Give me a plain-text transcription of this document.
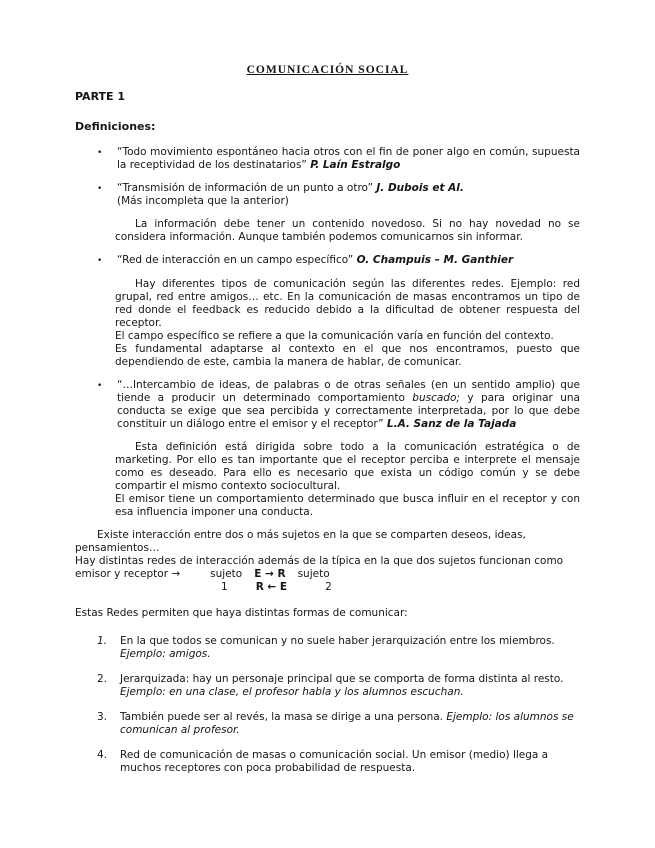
COMUNICACIÓN SOCIAL
PARTE 1
Definiciones:
•	“Todo movimiento espontáneo hacia otros con el fin de poner algo en común, supuesta la receptividad de los destinatarios” P. Laín Estralgo
•	“Transmisión de información de un punto a otro” J. Dubois et Al.
(Más incompleta que la anterior)
La información debe tener un contenido novedoso. Si no hay novedad no se considera información. Aunque también podemos comunicarnos sin informar.
•	“Red de interacción en un campo específico” O. Champuis – M. Ganthier
Hay diferentes tipos de comunicación según las diferentes redes. Ejemplo: red grupal, red entre amigos… etc. En la comunicación de masas encontramos un tipo de red donde el feedback es reducido debido a la dificultad de obtener respuesta del receptor.
El campo específico se refiere a que la comunicación varía en función del contexto.
Es fundamental adaptarse al contexto en el que nos encontramos, puesto que dependiendo de este, cambia la manera de hablar, de comunicar.
•	“…Intercambio de ideas, de palabras o de otras señales (en un sentido amplio) que tiende a producir un determinado comportamiento buscado; y para originar una conducta se exige que sea percibida y correctamente interpretada, por lo que debe constituir un diálogo entre el emisor y el receptor” L.A. Sanz de la Tajada
Esta definición está dirigida sobre todo a la comunicación estratégica o de marketing. Por ello es tan importante que el receptor perciba e interprete el mensaje como es deseado. Para ello es necesario que exista un código común y se debe compartir el mismo contexto sociocultural.
El emisor tiene un comportamiento determinado que busca influir en el receptor y con esa influencia imponer una conducta.
Existe interacción entre dos o más sujetos en la que se comparten deseos, ideas, pensamientos…
Hay distintas redes de interacción además de la típica en la que dos sujetos funcionan como
emisor y receptor →	sujeto E → R sujeto
1	R ← E	2
Estas Redes permiten que haya distintas formas de comunicar:
1.	En la que todos se comunican y no suele haber jerarquización entre los miembros. Ejemplo: amigos.
2.	Jerarquizada: hay un personaje principal que se comporta de forma distinta al resto. Ejemplo: en una clase, el profesor habla y los alumnos escuchan.
3.	También puede ser al revés, la masa se dirige a una persona. Ejemplo: los alumnos se comunican al profesor.
4.	Red de comunicación de masas o comunicación social. Un emisor (medio) llega a muchos receptores con poca probabilidad de respuesta.
